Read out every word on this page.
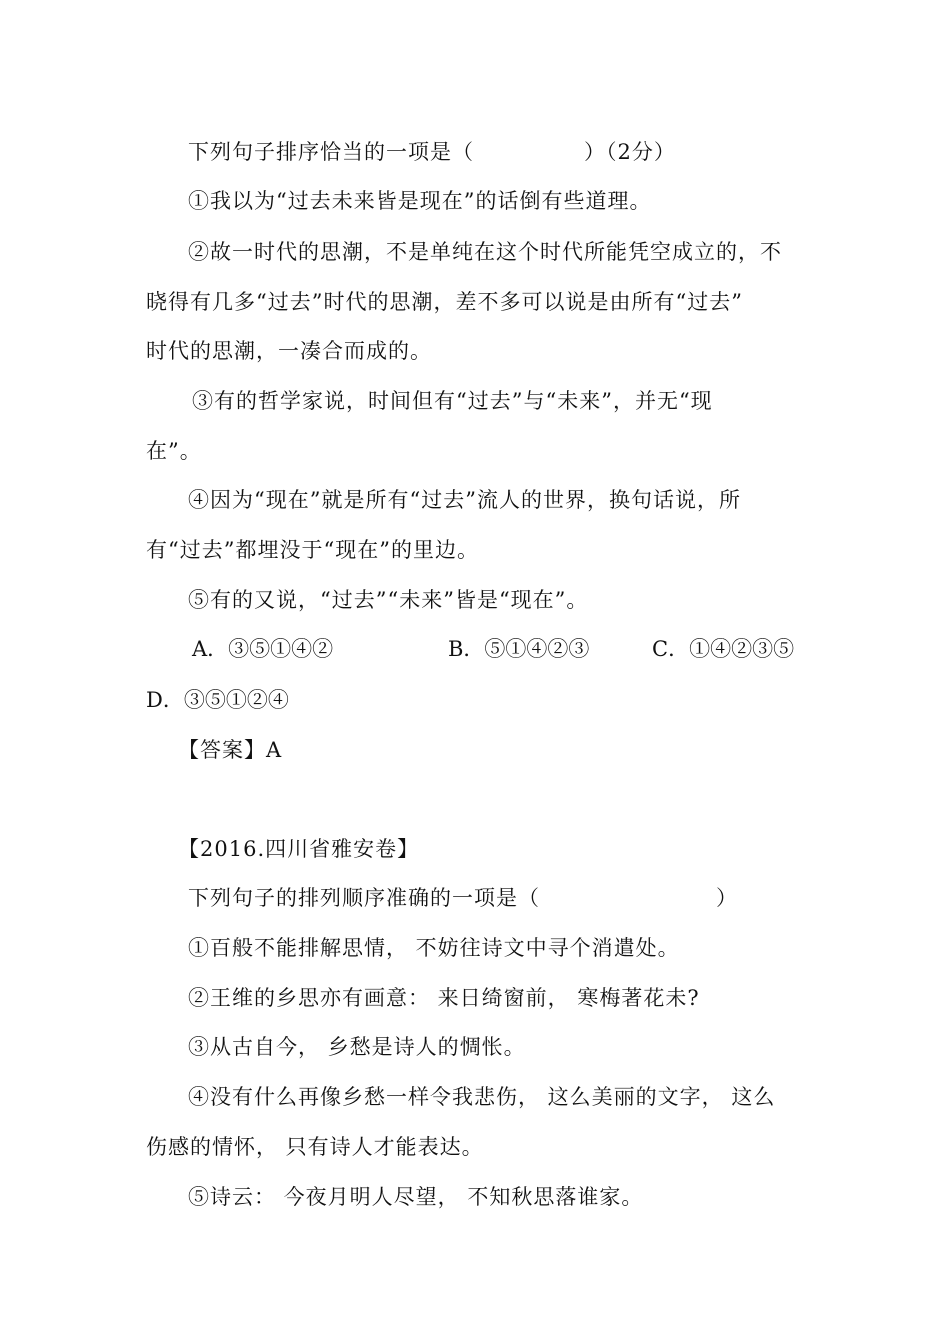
下列句子排序恰当的一项是（　　　　　）（2分）
①我以为“过去未来皆是现在”的话倒有些道理。
②故一时代的思潮，不是单纯在这个时代所能凭空成立的，不
晓得有几多“过去”时代的思潮，差不多可以说是由所有“过去”
时代的思潮，一凑合而成的。
③有的哲学家说，时间但有“过去”与“未来”，并无“现
在”。
④因为“现在”就是所有“过去”流人的世界，换句话说，所
有“过去”都埋没于“现在”的里边。
⑤有的又说，“过去”“未来”皆是“现在”。
A．③⑤①④②	B．⑤①④②③	C．①④②③⑤
D．③⑤①②④
【答案】A
【2016.四川省雅安卷】
下列句子的排列顺序准确的一项是（　　　　　　　　）
①百般不能排解思情， 不妨往诗文中寻个消遣处。
②王维的乡思亦有画意： 来日绮窗前， 寒梅著花未?
③从古自今， 乡愁是诗人的惆怅。
④没有什么再像乡愁一样令我悲伤， 这么美丽的文字， 这么
伤感的情怀， 只有诗人才能表达。
⑤诗云： 今夜月明人尽望， 不知秋思落谁家。
